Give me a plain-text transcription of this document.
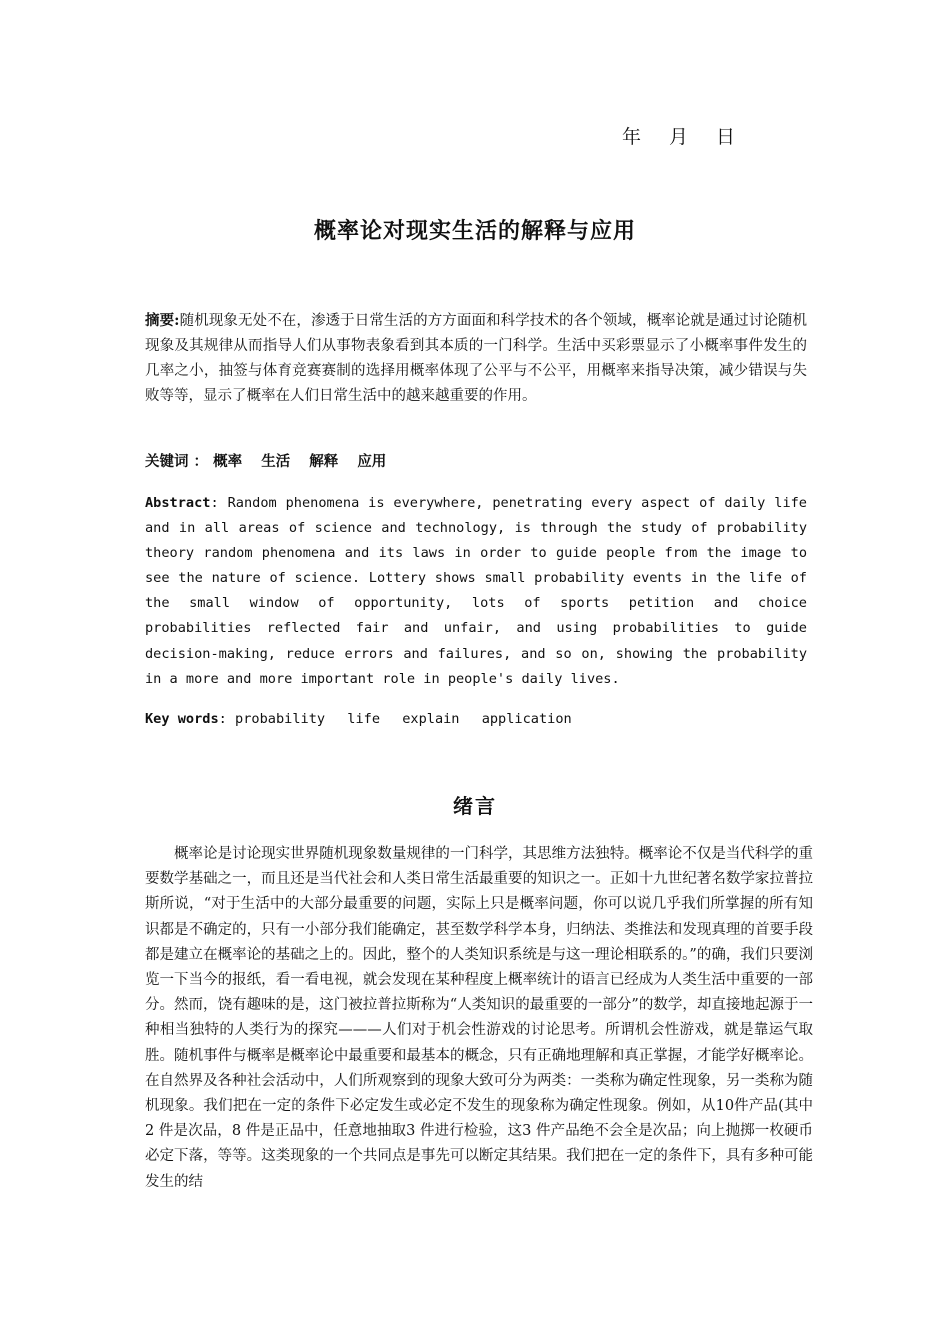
年 月 日
概率论对现实生活的解释与应用
摘要:随机现象无处不在，渗透于日常生活的方方面面和科学技术的各个领域，概率论就是通过讨论随机现象及其规律从而指导人们从事物表象看到其本质的一门科学。生活中买彩票显示了小概率事件发生的几率之小，抽签与体育竞赛赛制的选择用概率体现了公平与不公平，用概率来指导决策，减少错误与失败等等，显示了概率在人们日常生活中的越来越重要的作用。
关键词 ： 概率 生活 解释 应用
Abstract: Random phenomena is everywhere, penetrating every aspect of daily life and in all areas of science and technology, is through the study of probability theory random phenomena and its laws in order to guide people from the image to see the nature of science. Lottery shows small probability events in the life of the small window of opportunity, lots of sports petition and choice probabilities reflected fair and unfair, and using probabilities to guide decision-making, reduce errors and failures, and so on, showing the probability in a more and more important role in people's daily lives.
Key words: probability life explain application
绪言
概率论是讨论现实世界随机现象数量规律的一门科学，其思维方法独特。概率论不仅是当代科学的重要数学基础之一，而且还是当代社会和人类日常生活最重要的知识之一。正如十九世纪著名数学家拉普拉斯所说，“对于生活中的大部分最重要的问题，实际上只是概率问题，你可以说几乎我们所掌握的所有知识都是不确定的，只有一小部分我们能确定，甚至数学科学本身，归纳法、类推法和发现真理的首要手段都是建立在概率论的基础之上的。因此，整个的人类知识系统是与这一理论相联系的。”的确，我们只要浏览一下当今的报纸，看一看电视，就会发现在某种程度上概率统计的语言已经成为人类生活中重要的一部分。然而，饶有趣味的是，这门被拉普拉斯称为“人类知识的最重要的一部分”的数学，却直接地起源于一种相当独特的人类行为的探究———人们对于机会性游戏的讨论思考。所谓机会性游戏，就是靠运气取胜。随机事件与概率是概率论中最重要和最基本的概念，只有正确地理解和真正掌握，才能学好概率论。在自然界及各种社会活动中，人们所观察到的现象大致可分为两类：一类称为确定性现象，另一类称为随机现象。我们把在一定的条件下必定发生或必定不发生的现象称为确定性现象。例如，从10件产品(其中2 件是次品，8 件是正品中，任意地抽取3 件进行检验，这3 件产品绝不会全是次品；向上抛掷一枚硬币必定下落，等等。这类现象的一个共同点是事先可以断定其结果。我们把在一定的条件下，具有多种可能发生的结
